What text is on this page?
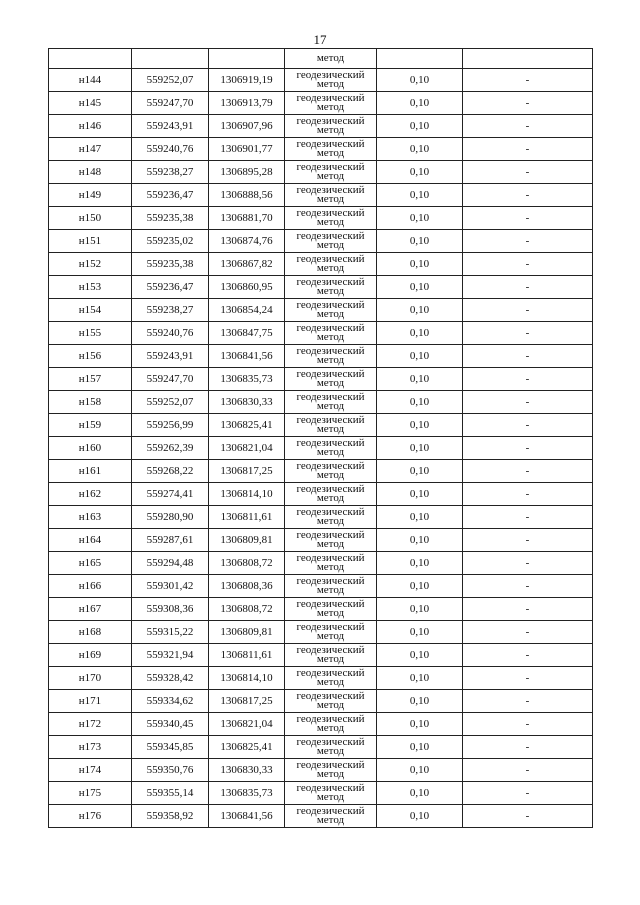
17
			метод		
н144	559252,07	1306919,19	геодезический
метод	0,10	-
н145	559247,70	1306913,79	геодезический
метод	0,10	-
н146	559243,91	1306907,96	геодезический
метод	0,10	-
н147	559240,76	1306901,77	геодезический
метод	0,10	-
н148	559238,27	1306895,28	геодезический
метод	0,10	-
н149	559236,47	1306888,56	геодезический
метод	0,10	-
н150	559235,38	1306881,70	геодезический
метод	0,10	-
н151	559235,02	1306874,76	геодезический
метод	0,10	-
н152	559235,38	1306867,82	геодезический
метод	0,10	-
н153	559236,47	1306860,95	геодезический
метод	0,10	-
н154	559238,27	1306854,24	геодезический
метод	0,10	-
н155	559240,76	1306847,75	геодезический
метод	0,10	-
н156	559243,91	1306841,56	геодезический
метод	0,10	-
н157	559247,70	1306835,73	геодезический
метод	0,10	-
н158	559252,07	1306830,33	геодезический
метод	0,10	-
н159	559256,99	1306825,41	геодезический
метод	0,10	-
н160	559262,39	1306821,04	геодезический
метод	0,10	-
н161	559268,22	1306817,25	геодезический
метод	0,10	-
н162	559274,41	1306814,10	геодезический
метод	0,10	-
н163	559280,90	1306811,61	геодезический
метод	0,10	-
н164	559287,61	1306809,81	геодезический
метод	0,10	-
н165	559294,48	1306808,72	геодезический
метод	0,10	-
н166	559301,42	1306808,36	геодезический
метод	0,10	-
н167	559308,36	1306808,72	геодезический
метод	0,10	-
н168	559315,22	1306809,81	геодезический
метод	0,10	-
н169	559321,94	1306811,61	геодезический
метод	0,10	-
н170	559328,42	1306814,10	геодезический
метод	0,10	-
н171	559334,62	1306817,25	геодезический
метод	0,10	-
н172	559340,45	1306821,04	геодезический
метод	0,10	-
н173	559345,85	1306825,41	геодезический
метод	0,10	-
н174	559350,76	1306830,33	геодезический
метод	0,10	-
н175	559355,14	1306835,73	геодезический
метод	0,10	-
н176	559358,92	1306841,56	геодезический
метод	0,10	-
